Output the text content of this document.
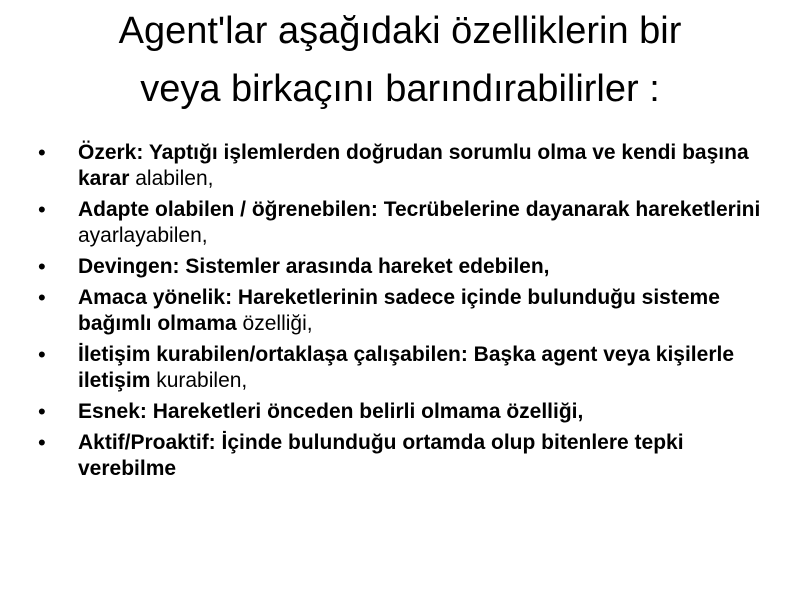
Agent'lar aşağıdaki özelliklerin bir
veya birkaçını barındırabilirler :
•	Özerk: Yaptığı işlemlerden doğrudan sorumlu olma ve kendi başına karar alabilen,
•	Adapte olabilen / öğrenebilen: Tecrübelerine dayanarak hareketlerini ayarlayabilen,
•	Devingen: Sistemler arasında hareket edebilen,
•	Amaca yönelik: Hareketlerinin sadece içinde bulunduğu sisteme bağımlı olmama özelliği,
•	İletişim kurabilen/ortaklaşa çalışabilen: Başka agent veya kişilerle iletişim kurabilen,
•	Esnek: Hareketleri önceden belirli olmama özelliği,
•	Aktif/Proaktif: İçinde bulunduğu ortamda olup bitenlere tepki verebilme
